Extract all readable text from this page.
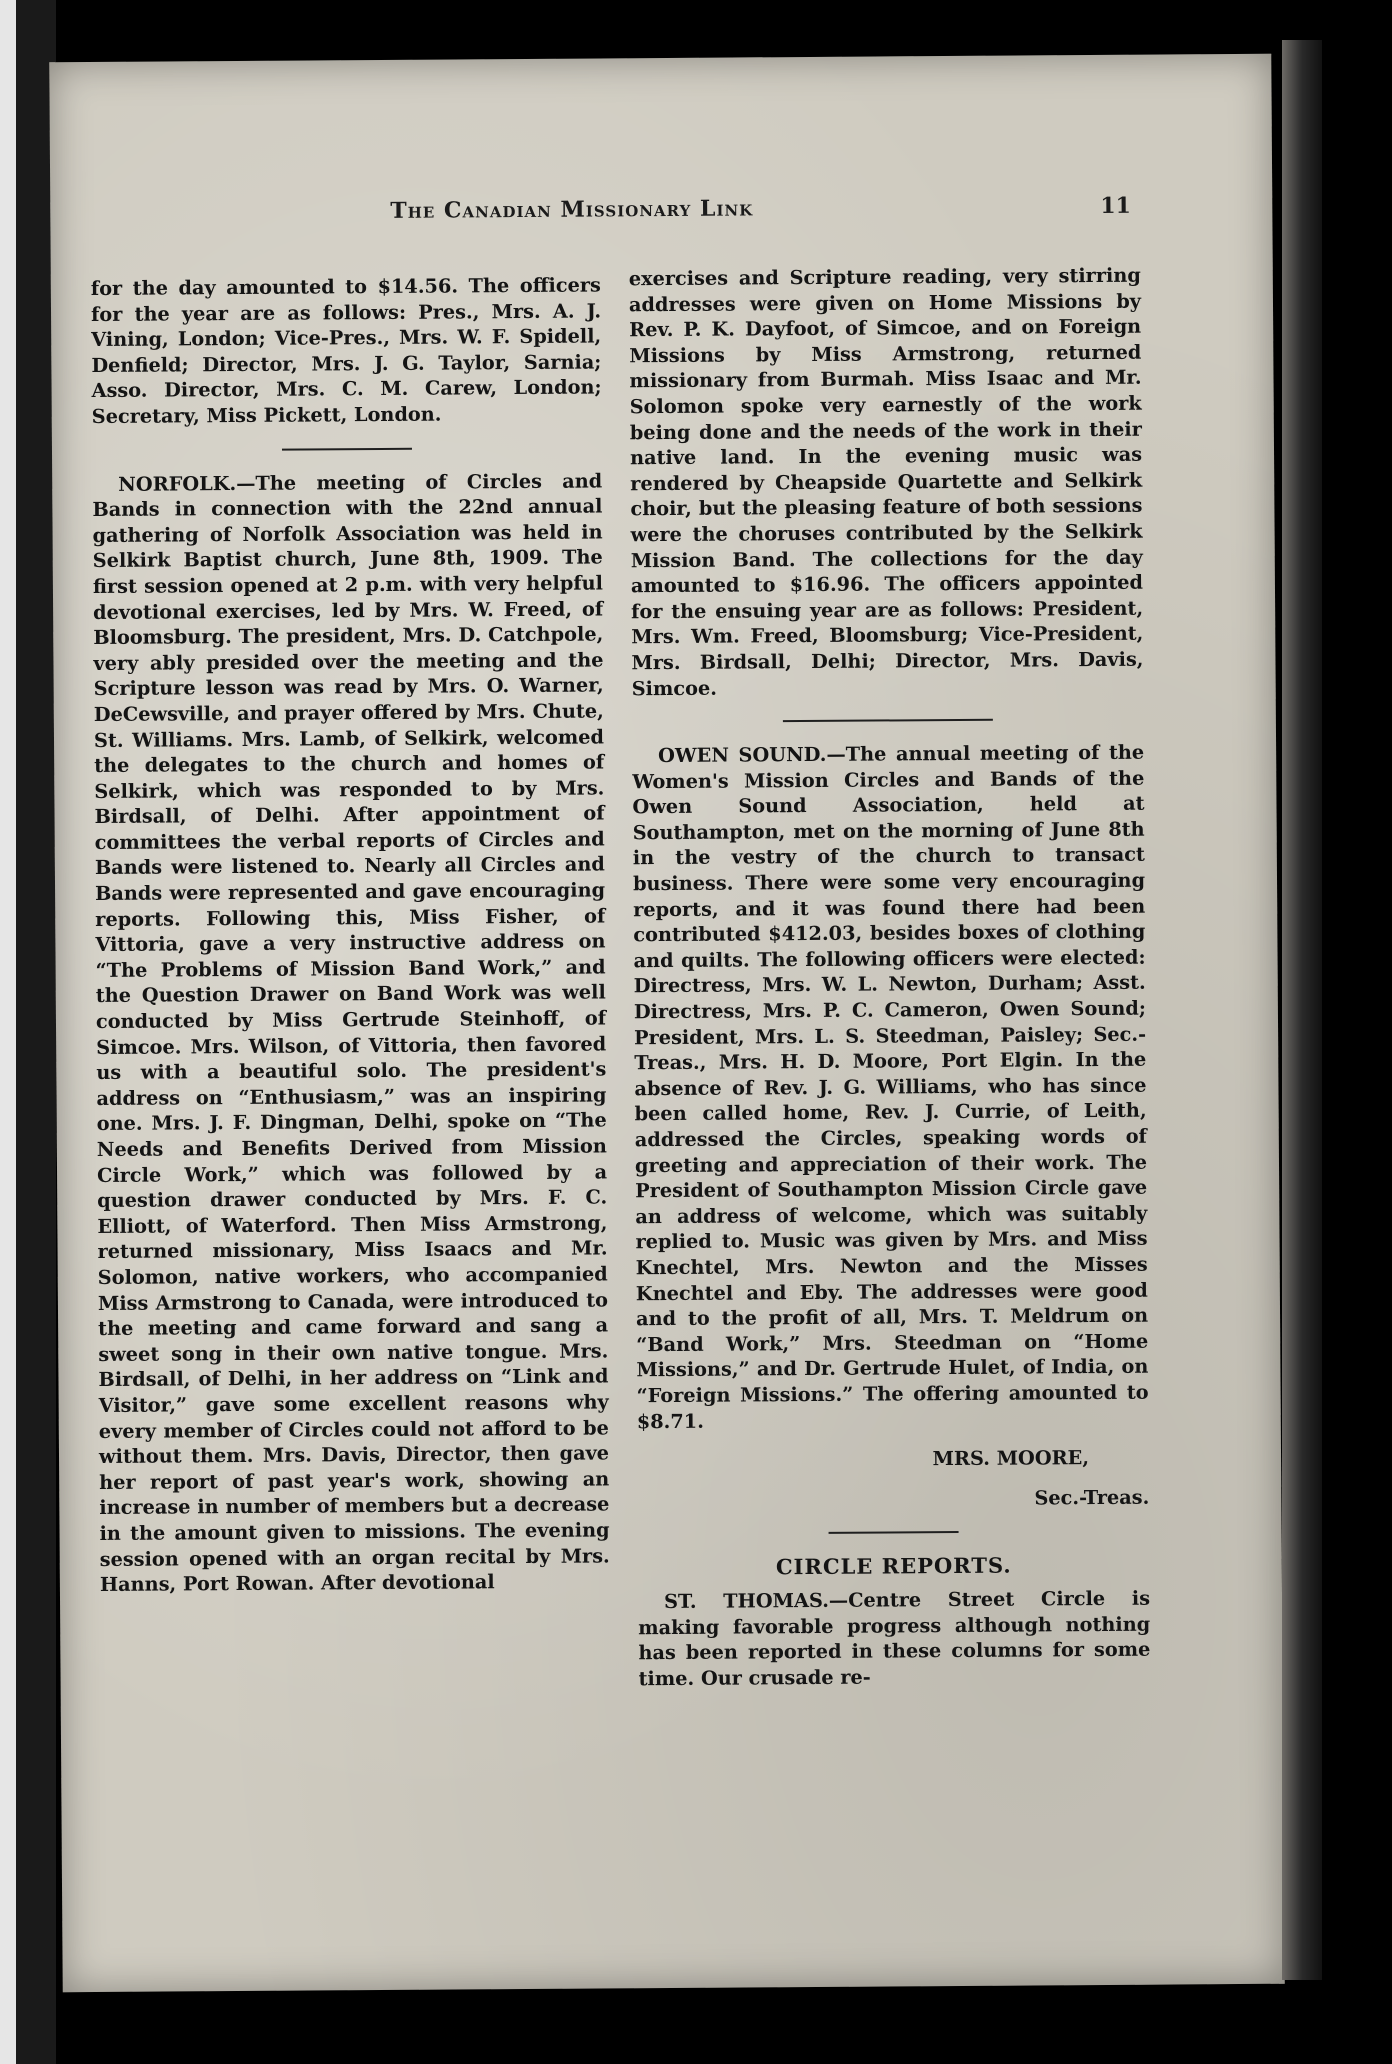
The Canadian Missionary Link	11

for the day amounted to $14.56. The officers for the year are as follows: Pres., Mrs. A. J. Vining, London; Vice-Pres., Mrs. W. F. Spidell, Denfield; Director, Mrs. J. G. Taylor, Sarnia; Asso. Director, Mrs. C. M. Carew, London; Secretary, Miss Pickett, London.

NORFOLK.—The meeting of Circles and Bands in connection with the 22nd annual gathering of Norfolk Association was held in Selkirk Baptist church, June 8th, 1909. The first session opened at 2 p.m. with very helpful devotional exercises, led by Mrs. W. Freed, of Bloomsburg. The president, Mrs. D. Catchpole, very ably presided over the meeting and the Scripture lesson was read by Mrs. O. Warner, DeCewsville, and prayer offered by Mrs. Chute, St. Williams. Mrs. Lamb, of Selkirk, welcomed the delegates to the church and homes of Selkirk, which was responded to by Mrs. Birdsall, of Delhi. After appointment of committees the verbal reports of Circles and Bands were listened to. Nearly all Circles and Bands were represented and gave encouraging reports. Following this, Miss Fisher, of Vittoria, gave a very instructive address on “The Problems of Mission Band Work,” and the Question Drawer on Band Work was well conducted by Miss Gertrude Steinhoff, of Simcoe. Mrs. Wilson, of Vittoria, then favored us with a beautiful solo. The president's address on “Enthusiasm,” was an inspiring one. Mrs. J. F. Dingman, Delhi, spoke on “The Needs and Benefits Derived from Mission Circle Work,” which was followed by a question drawer conducted by Mrs. F. C. Elliott, of Waterford. Then Miss Armstrong, returned missionary, Miss Isaacs and Mr. Solomon, native workers, who accompanied Miss Armstrong to Canada, were introduced to the meeting and came forward and sang a sweet song in their own native tongue. Mrs. Birdsall, of Delhi, in her address on “Link and Visitor,” gave some excellent reasons why every member of Circles could not afford to be without them. Mrs. Davis, Director, then gave her report of past year's work, showing an increase in number of members but a decrease in the amount given to missions. The evening session opened with an organ recital by Mrs. Hanns, Port Rowan. After devotional

exercises and Scripture reading, very stirring addresses were given on Home Missions by Rev. P. K. Dayfoot, of Simcoe, and on Foreign Missions by Miss Armstrong, returned missionary from Burmah. Miss Isaac and Mr. Solomon spoke very earnestly of the work being done and the needs of the work in their native land. In the evening music was rendered by Cheapside Quartette and Selkirk choir, but the pleasing feature of both sessions were the choruses contributed by the Selkirk Mission Band. The collections for the day amounted to $16.96. The officers appointed for the ensuing year are as follows: President, Mrs. Wm. Freed, Bloomsburg; Vice-President, Mrs. Birdsall, Delhi; Director, Mrs. Davis, Simcoe.

OWEN SOUND.—The annual meeting of the Women's Mission Circles and Bands of the Owen Sound Association, held at Southampton, met on the morning of June 8th in the vestry of the church to transact business. There were some very encouraging reports, and it was found there had been contributed $412.03, besides boxes of clothing and quilts. The following officers were elected: Directress, Mrs. W. L. Newton, Durham; Asst. Directress, Mrs. P. C. Cameron, Owen Sound; President, Mrs. L. S. Steedman, Paisley; Sec.-Treas., Mrs. H. D. Moore, Port Elgin. In the absence of Rev. J. G. Williams, who has since been called home, Rev. J. Currie, of Leith, addressed the Circles, speaking words of greeting and appreciation of their work. The President of Southampton Mission Circle gave an address of welcome, which was suitably replied to. Music was given by Mrs. and Miss Knechtel, Mrs. Newton and the Misses Knechtel and Eby. The addresses were good and to the profit of all, Mrs. T. Meldrum on “Band Work,” Mrs. Steedman on “Home Missions,” and Dr. Gertrude Hulet, of India, on “Foreign Missions.” The offering amounted to $8.71.

MRS. MOORE,
Sec.-Treas.
CIRCLE REPORTS.

ST. THOMAS.—Centre Street Circle is making favorable progress although nothing has been reported in these columns for some time. Our crusade re-
